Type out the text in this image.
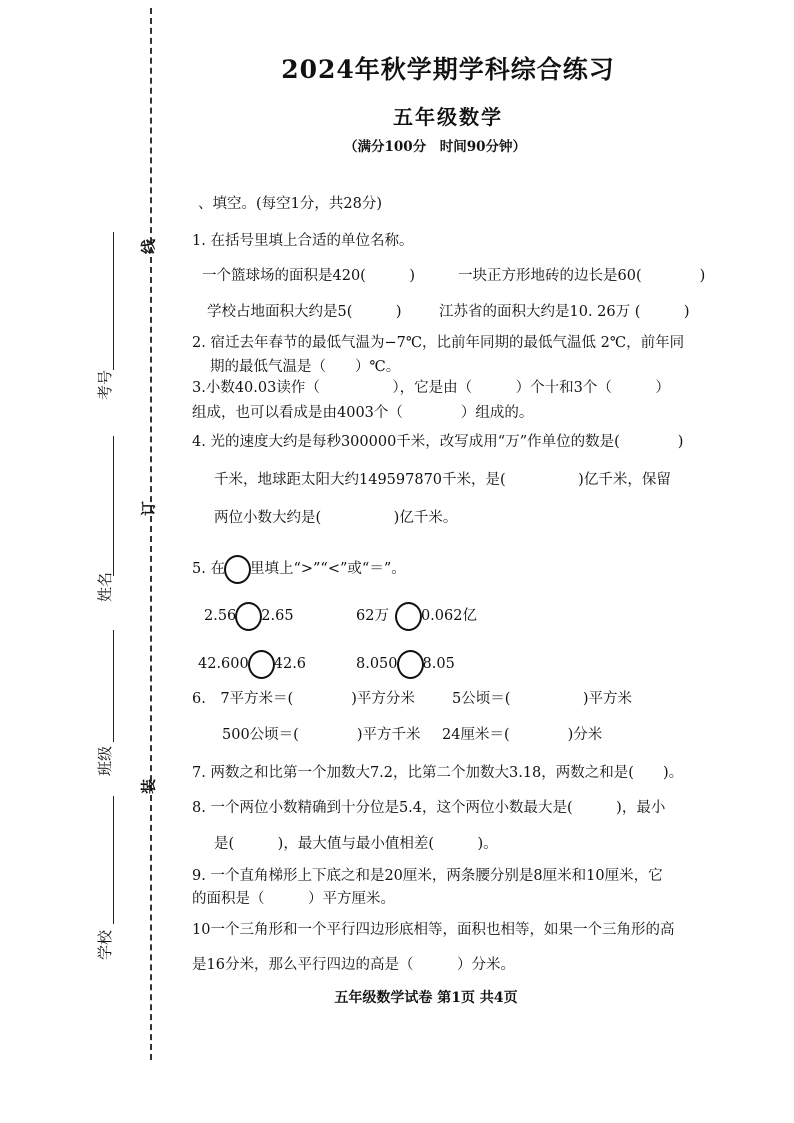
线
订
装
考号
姓名
班级
学校
2024年秋学期学科综合练习
五年级数学
（满分100分　时间90分钟）
、填空。(每空1分，共28分)
1. 在括号里填上合适的单位名称。
一个篮球场的面积是420(　　　)	一块正方形地砖的边长是60(　　　　)
学校占地面积大约是5(　　　)	江苏省的面积大约是10. 26万 (　　　)
2. 宿迁去年春节的最低气温为−7℃，比前年同期的最低气温低 2℃，前年同
期的最低气温是（　　）℃。
3.小数40.03读作（　　　　　），它是由（　　　）个十和3个（　　　）
组成，也可以看成是由4003个（　　　　）组成的。
4. 光的速度大约是每秒300000千米，改写成用“万”作单位的数是(　　　　)
千米，地球距太阳大约149597870千米，是(　　　　　)亿千米，保留
两位小数大约是(　　　　　)亿千米。
5. 在 里填上“>”“<”或“＝”。
2.56 2.65	62万 0.062亿
42.600 42.6	8.050 8.05
6.　7平方米＝(　　　　)平方分米	5公顷＝(　　　　　)平方米
500公顷＝(　　　　)平方千米 24厘米＝(　　　　)分米
7. 两数之和比第一个加数大7.2，比第二个加数大3.18，两数之和是(　　)。
8. 一个两位小数精确到十分位是5.4，这个两位小数最大是(　　　)，最小
是(　　　)，最大值与最小值相差(　　　)。
9. 一个直角梯形上下底之和是20厘米，两条腰分别是8厘米和10厘米，它
的面积是（　　　）平方厘米。
10一个三角形和一个平行四边形底相等，面积也相等，如果一个三角形的高
是16分米，那么平行四边的高是（　　　）分米。
五年级数学试卷 第1页 共4页
